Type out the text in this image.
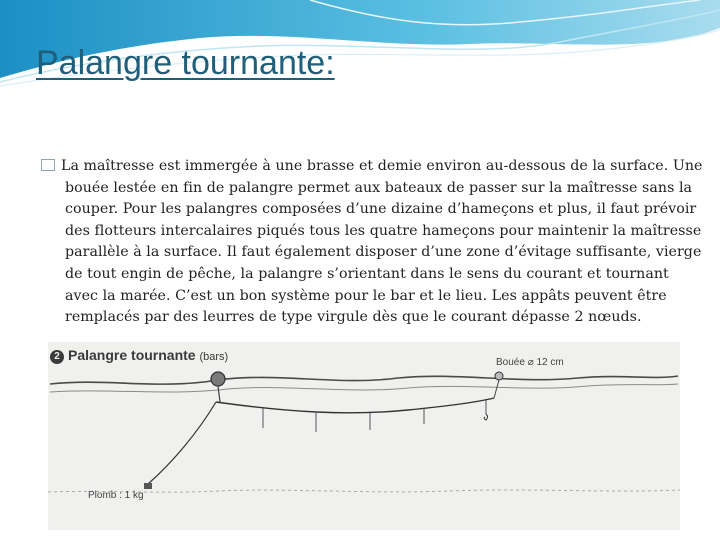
Palangre tournante:

La maîtresse est immergée à une brasse et demie environ au-dessous de la surface. Une bouée lestée en fin de palangre permet aux bateaux de passer sur la maîtresse sans la couper. Pour les palangres composées d’une dizaine d’hameçons et plus, il faut prévoir des flotteurs intercalaires piqués tous les quatre hameçons pour maintenir la maîtresse parallèle à la surface. Il faut également disposer d’une zone d’évitage suffisante, vierge de tout engin de pêche, la palangre s’orientant dans le sens du courant et tournant avec la marée. C’est un bon système pour le bar et le lieu. Les appâts peuvent être remplacés par des leurres de type virgule dès que le courant dépasse 2 nœuds.

2 Palangre tournante (bars)	Bouée ⌀ 12 cm
Plomb : 1 kg
